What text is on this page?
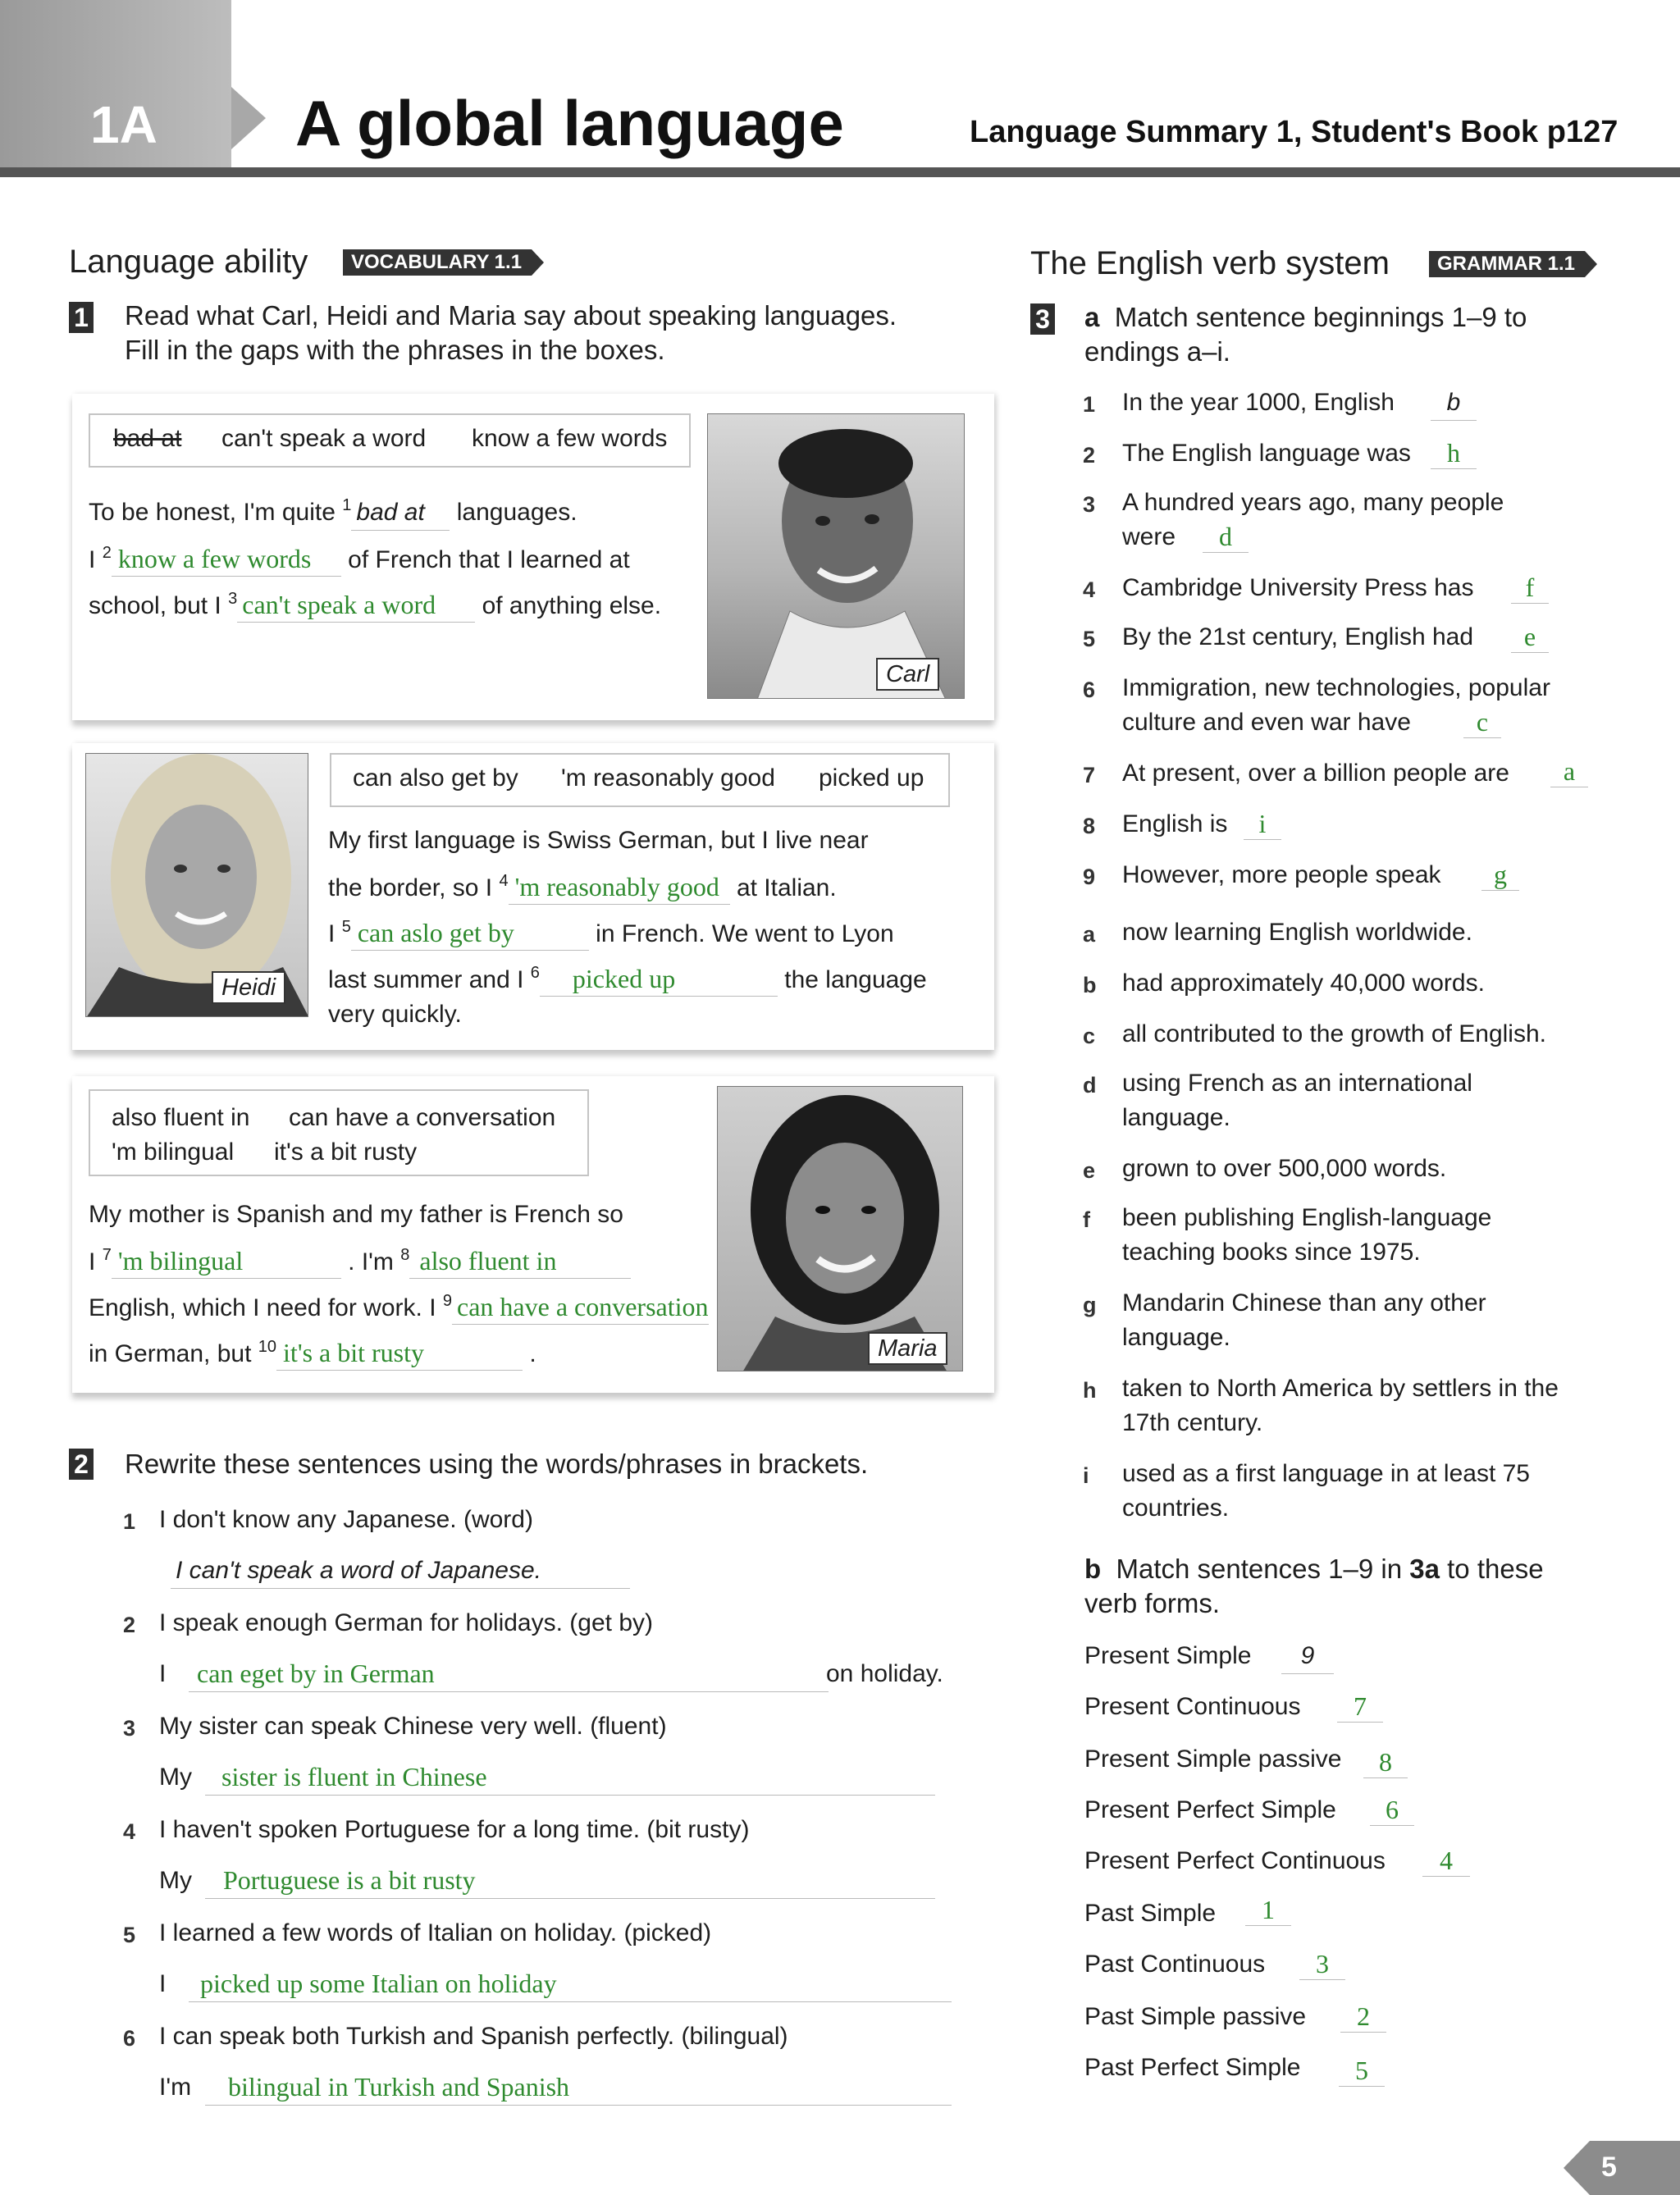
1A A global language	Language Summary 1, Student's Book p127
Language ability	VOCABULARY 1.1
1 Read what Carl, Heidi and Maria say about speaking languages.
Fill in the gaps with the phrases in the boxes.
bad at can't speak a word know a few words
Carl
To be honest, I'm quite $^1$ bad at languages.
I $^2$ know a few words of French that I learned at
school, but I $^3$ can't speak a word of anything else.
Heidi
can also get by 'm reasonably good picked up
My first language is Swiss German, but I live near
the border, so I $^4$ 'm reasonably good at Italian.
I $^5$ can aslo get by	in French. We went to Lyon
last summer and I $^6$ picked up	the language
very quickly.
also fluent in can have a conversation
'm bilingual it's a bit rusty
Maria
My mother is Spanish and my father is French so
I $^7$ 'm bilingual	. I'm $^8$ also fluent in
English, which I need for work. I $^9$ can have a conversation
in German, but $^{10}$ it's a bit rusty	.
2 Rewrite these sentences using the words/phrases in brackets.
1 I don't know any Japanese. (word)
I can't speak a word of Japanese.
2 I speak enough German for holidays. (get by)
I can eget by in German	on holiday.
3 My sister can speak Chinese very well. (fluent)
My sister is fluent in Chinese
4 I haven't spoken Portuguese for a long time. (bit rusty)
My Portuguese is a bit rusty
5 I learned a few words of Italian on holiday. (picked)
I picked up some Italian on holiday
6 I can speak both Turkish and Spanish perfectly. (bilingual)
I'm bilingual in Turkish and Spanish
The English verb system	GRAMMAR 1.1
3 a Match sentence beginnings 1–9 to
endings a–i.
1 In the year 1000, English	b
2 The English language was	h
3 A hundred years ago, many people
were	d
4 Cambridge University Press has	f
5 By the 21st century, English had	e
6 Immigration, new technologies, popular
culture and even war have	c
7 At present, over a billion people are	a
8 English is	i
9 However, more people speak	g
a now learning English worldwide.
b had approximately 40,000 words.
c all contributed to the growth of English.
d using French as an international
language.
e grown to over 500,000 words.
f been publishing English-language
teaching books since 1975.
g Mandarin Chinese than any other
language.
h taken to North America by settlers in the
17th century.
i used as a first language in at least 75
countries.
b Match sentences 1–9 in 3a to these
verb forms.
Present Simple	9
Present Continuous	7
Present Simple passive	8
Present Perfect Simple	6
Present Perfect Continuous	4
Past Simple	1
Past Continuous	3
Past Simple passive	2
Past Perfect Simple	5
5
